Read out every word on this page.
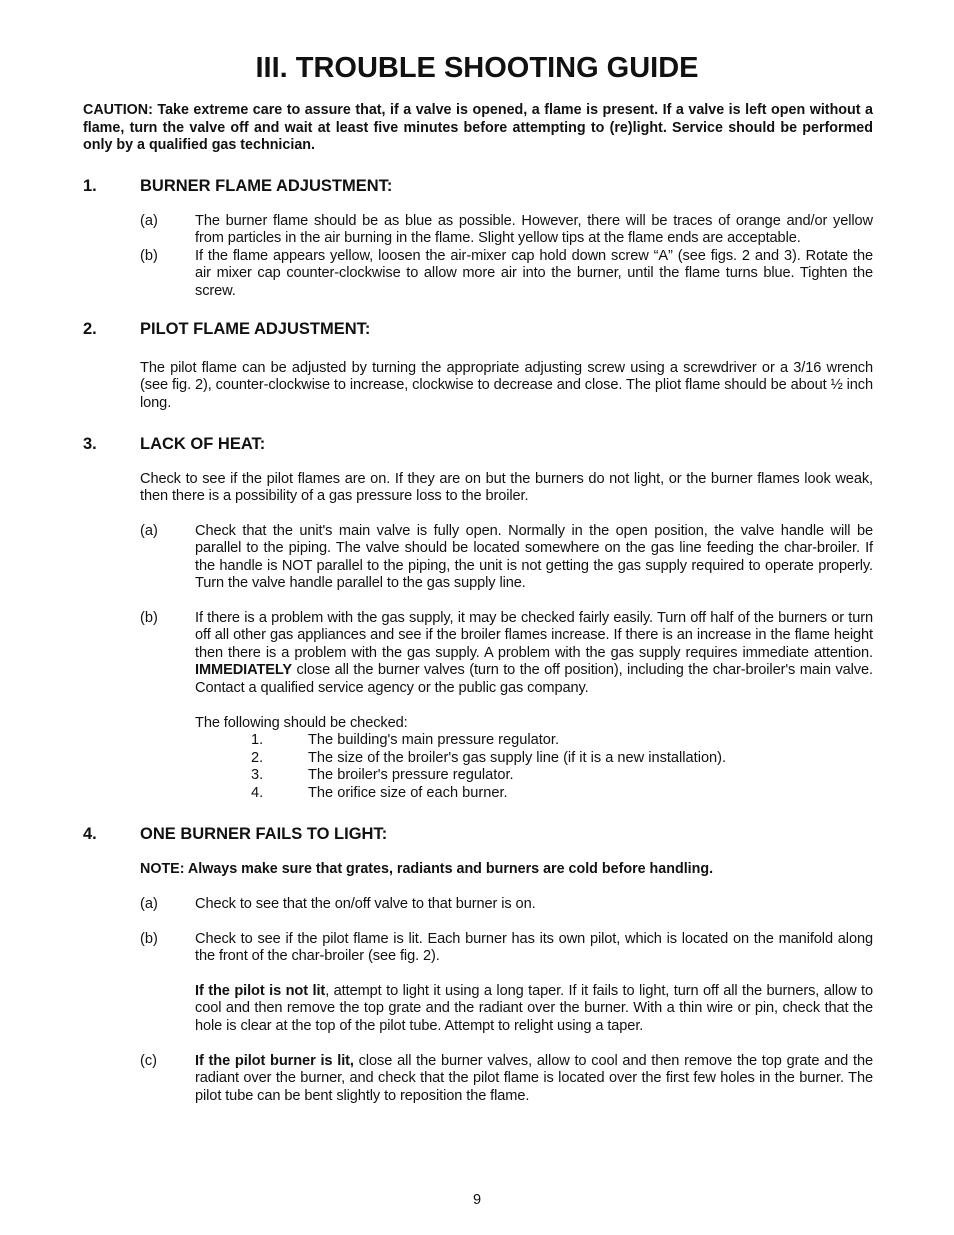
III. TROUBLE SHOOTING GUIDE

CAUTION: Take extreme care to assure that, if a valve is opened, a flame is present. If a valve is left open without a flame, turn the valve off and wait at least five minutes before attempting to (re)light. Service should be performed only by a qualified gas technician.

1.	BURNER FLAME ADJUSTMENT:
(a)	The burner flame should be as blue as possible. However, there will be traces of orange and/or yellow from particles in the air burning in the flame. Slight yellow tips at the flame ends are acceptable.

(b)	If the flame appears yellow, loosen the air-mixer cap hold down screw “A” (see figs. 2 and 3). Rotate the air mixer cap counter-clockwise to allow more air into the burner, until the flame turns blue. Tighten the screw.

2.	PILOT FLAME ADJUSTMENT:

The pilot flame can be adjusted by turning the appropriate adjusting screw using a screwdriver or a 3/16 wrench (see fig. 2), counter-clockwise to increase, clockwise to decrease and close. The pliot flame should be about ½ inch long.

3.	LACK OF HEAT:

Check to see if the pilot flames are on. If they are on but the burners do not light, or the burner flames look weak, then there is a possibility of a gas pressure loss to the broiler.

(a)	Check that the unit's main valve is fully open. Normally in the open position, the valve handle will be parallel to the piping. The valve should be located somewhere on the gas line feeding the char-broiler. If the handle is NOT parallel to the piping, the unit is not getting the gas supply required to operate properly. Turn the valve handle parallel to the gas supply line.

(b)	If there is a problem with the gas supply, it may be checked fairly easily. Turn off half of the burners or turn off all other gas appliances and see if the broiler flames increase. If there is an increase in the flame height then there is a problem with the gas supply. A problem with the gas supply requires immediate attention. IMMEDIATELY close all the burner valves (turn to the off position), including the char-broiler's main valve. Contact a qualified service agency or the public gas company.

The following should be checked:

1.	The building's main pressure regulator.
2.	The size of the broiler's gas supply line (if it is a new installation).
3.	The broiler's pressure regulator.
4.	The orifice size of each burner.
4.	ONE BURNER FAILS TO LIGHT:

NOTE: Always make sure that grates, radiants and burners are cold before handling.

(a)	Check to see that the on/off valve to that burner is on.

(b)	Check to see if the pilot flame is lit. Each burner has its own pilot, which is located on the manifold along the front of the char-broiler (see fig. 2).

If the pilot is not lit, attempt to light it using a long taper. If it fails to light, turn off all the burners, allow to cool and then remove the top grate and the radiant over the burner. With a thin wire or pin, check that the hole is clear at the top of the pilot tube. Attempt to relight using a taper.

(c)	If the pilot burner is lit, close all the burner valves, allow to cool and then remove the top grate and the radiant over the burner, and check that the pilot flame is located over the first few holes in the burner. The pilot tube can be bent slightly to reposition the flame.

9
